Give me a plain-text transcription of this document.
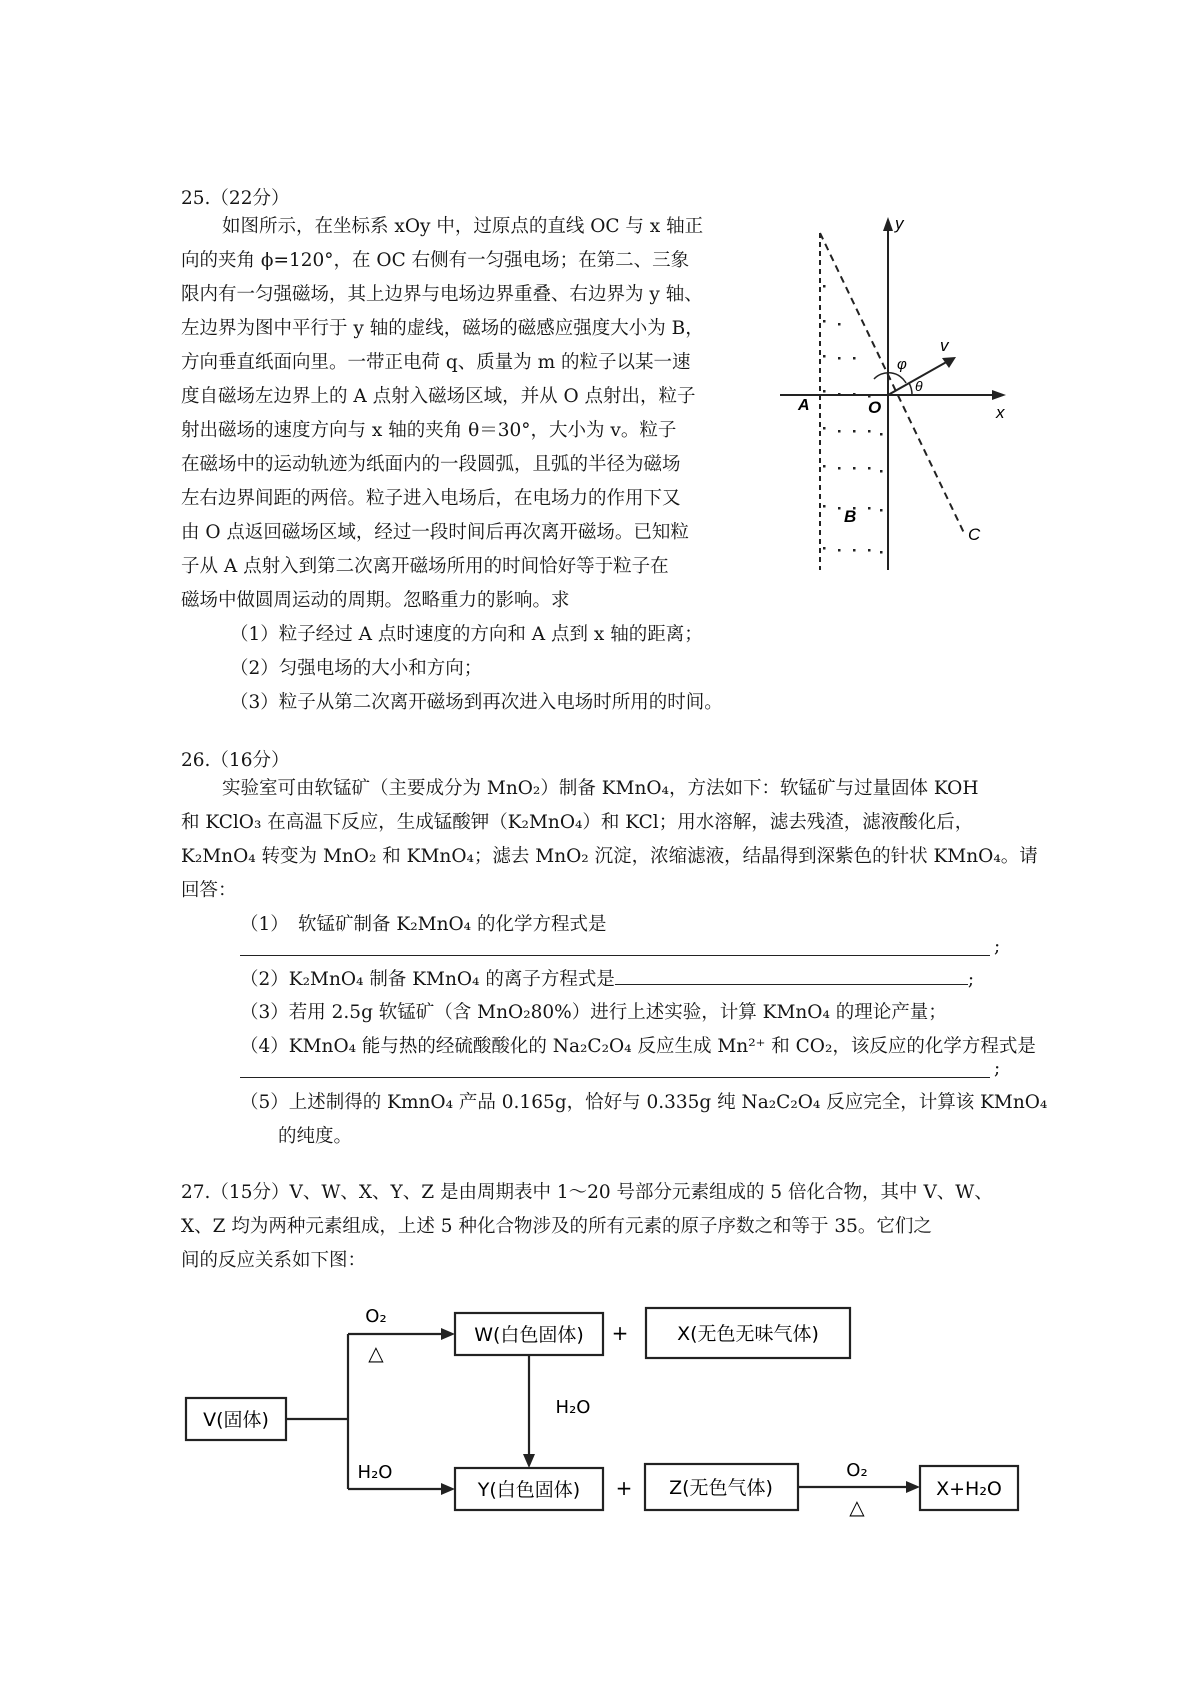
25.（22分）
如图所示，在坐标系 xOy 中，过原点的直线 OC 与 x 轴正
向的夹角 ϕ=120°，在 OC 右侧有一匀强电场；在第二、三象
限内有一匀强磁场，其上边界与电场边界重叠、右边界为 y 轴、
左边界为图中平行于 y 轴的虚线，磁场的磁感应强度大小为 B，
方向垂直纸面向里。一带正电荷 q、质量为 m 的粒子以某一速
度自磁场左边界上的 A 点射入磁场区域，并从 O 点射出，粒子
射出磁场的速度方向与 x 轴的夹角 θ＝30°，大小为 v。粒子
在磁场中的运动轨迹为纸面内的一段圆弧，且弧的半径为磁场
左右边界间距的两倍。粒子进入电场后，在电场力的作用下又
由 O 点返回磁场区域，经过一段时间后再次离开磁场。已知粒
子从 A 点射入到第二次离开磁场所用的时间恰好等于粒子在
磁场中做圆周运动的周期。忽略重力的影响。求
（1）粒子经过 A 点时速度的方向和 A 点到 x 轴的距离；
（2）匀强电场的大小和方向；
（3）粒子从第二次离开磁场到再次进入电场时所用的时间。
y
x
O
A
B
C
v
φ
θ
26.（16分）
实验室可由软锰矿（主要成分为 MnO₂）制备 KMnO₄，方法如下：软锰矿与过量固体 KOH
和 KClO₃ 在高温下反应，生成锰酸钾（K₂MnO₄）和 KCl；用水溶解，滤去残渣，滤液酸化后，
K₂MnO₄ 转变为 MnO₂ 和 KMnO₄；滤去 MnO₂ 沉淀，浓缩滤液，结晶得到深紫色的针状 KMnO₄。请
回答：
（1）　软锰矿制备 K₂MnO₄ 的化学方程式是
;
（2）K₂MnO₄ 制备 KMnO₄ 的离子方程式是	;
（3）若用 2.5g 软锰矿（含 MnO₂80%）进行上述实验，计算 KMnO₄ 的理论产量；
（4）KMnO₄ 能与热的经硫酸酸化的 Na₂C₂O₄ 反应生成 Mn²⁺ 和 CO₂，该反应的化学方程式是
;
（5）上述制得的 KmnO₄ 产品 0.165g，恰好与 0.335g 纯 Na₂C₂O₄ 反应完全，计算该 KMnO₄
的纯度。
27.（15分）V、W、X、Y、Z 是由周期表中 1～20 号部分元素组成的 5 倍化合物，其中 V、W、
X、Z 均为两种元素组成，上述 5 种化合物涉及的所有元素的原子序数之和等于 35。它们之
间的反应关系如下图：
V(固体)
W(白色固体)	X(无色无味气体)
Y(白色固体)	Z(无色气体)	X+H₂O
+
+
O₂
△
H₂O
H₂O
O₂
△
